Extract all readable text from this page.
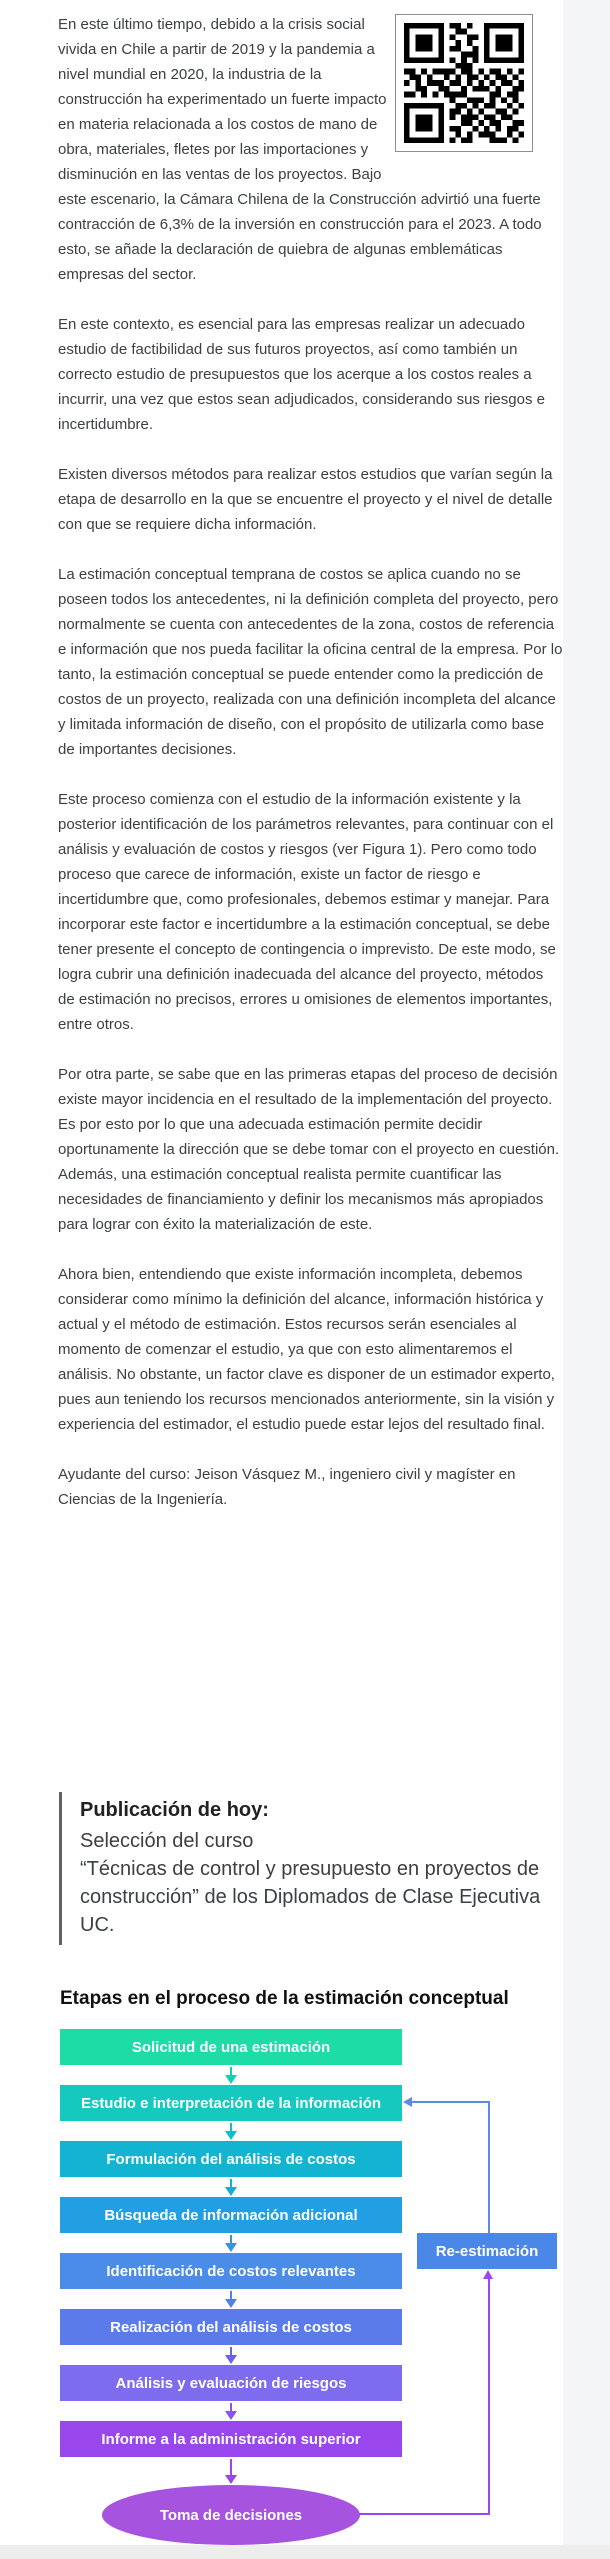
En este último tiempo, debido a la crisis social vivida en Chile a partir de 2019 y la pandemia a nivel mundial en 2020, la industria de la construcción ha experimentado un fuerte impacto en materia relacionada a los costos de mano de obra, materiales, fletes por las importaciones y disminución en las ventas de los proyectos. Bajo este escenario, la Cámara Chilena de la Construcción advirtió una fuerte contracción de 6,3% de la inversión en construcción para el 2023. A todo esto, se añade la declaración de quiebra de algunas emblemáticas empresas del sector.

En este contexto, es esencial para las empresas realizar un adecuado estudio de factibilidad de sus futuros proyectos, así como también un correcto estudio de presupuestos que los acerque a los costos reales a incurrir, una vez que estos sean adjudicados, considerando sus riesgos e incertidumbre.

Existen diversos métodos para realizar estos estudios que varían según la etapa de desarrollo en la que se encuentre el proyecto y el nivel de detalle con que se requiere dicha información.

La estimación conceptual temprana de costos se aplica cuando no se poseen todos los antecedentes, ni la definición completa del proyecto, pero normalmente se cuenta con antecedentes de la zona, costos de referencia e información que nos pueda facilitar la oficina central de la empresa. Por lo tanto, la estimación conceptual se puede entender como la predicción de costos de un proyecto, realizada con una definición incompleta del alcance y limitada información de diseño, con el propósito de utilizarla como base de importantes decisiones.

Este proceso comienza con el estudio de la información existente y la posterior identificación de los parámetros relevantes, para continuar con el análisis y evaluación de costos y riesgos (ver Figura 1). Pero como todo proceso que carece de información, existe un factor de riesgo e incertidumbre que, como profesionales, debemos estimar y manejar. Para incorporar este factor e incertidumbre a la estimación conceptual, se debe tener presente el concepto de contingencia o imprevisto. De este modo, se logra cubrir una definición inadecuada del alcance del proyecto, métodos de estimación no precisos, errores u omisiones de elementos importantes, entre otros.

Por otra parte, se sabe que en las primeras etapas del proceso de decisión existe mayor incidencia en el resultado de la implementación del proyecto. Es por esto por lo que una adecuada estimación permite decidir oportunamente la dirección que se debe tomar con el proyecto en cuestión. Además, una estimación conceptual realista permite cuantificar las necesidades de financiamiento y definir los mecanismos más apropiados para lograr con éxito la materialización de este.

Ahora bien, entendiendo que existe información incompleta, debemos considerar como mínimo la definición del alcance, información histórica y actual y el método de estimación. Estos recursos serán esenciales al momento de comenzar el estudio, ya que con esto alimentaremos el análisis. No obstante, un factor clave es disponer de un estimador experto, pues aun teniendo los recursos mencionados anteriormente, sin la visión y experiencia del estimador, el estudio puede estar lejos del resultado final.

Ayudante del curso: Jeison Vásquez M., ingeniero civil y magíster en Ciencias de la Ingeniería.

Publicación de hoy:
Selección del curso
“Técnicas de control y presupuesto en proyectos de
construcción” de los Diplomados de Clase Ejecutiva
UC.
Etapas en el proceso de la estimación conceptual
Solicitud de una estimación
Estudio e interpretación de la información
Formulación del análisis de costos
Búsqueda de información adicional
Identificación de costos relevantes
Realización del análisis de costos
Análisis y evaluación de riesgos
Informe a la administración superior
Re-estimación
Toma de decisiones
